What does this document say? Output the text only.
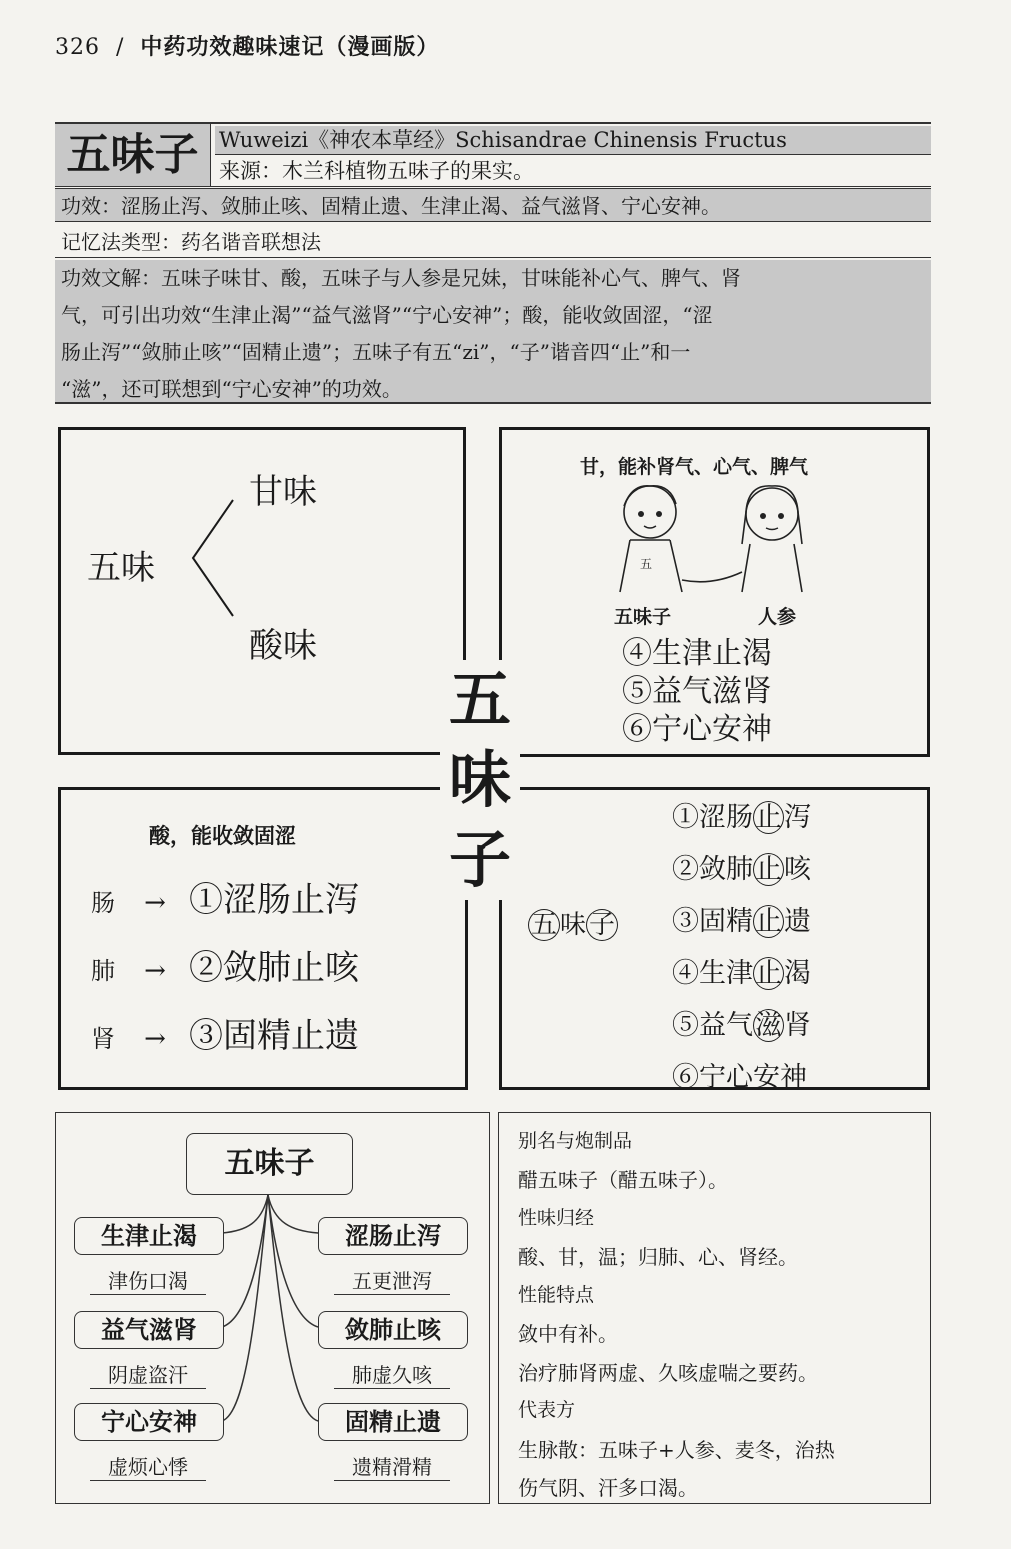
326 / 中药功效趣味速记（漫画版）
五味子 Wuweizi《神农本草经》Schisandrae Chinensis Fructus
来源：木兰科植物五味子的果实。
功效：涩肠止泻、敛肺止咳、固精止遗、生津止渴、益气滋肾、宁心安神。
记忆法类型：药名谐音联想法
功效文解：五味子味甘、酸，五味子与人参是兄妹，甘味能补心气、脾气、肾
气，可引出功效“生津止渴”“益气滋肾”“宁心安神”；酸，能收敛固涩，“涩
肠止泻”“敛肺止咳”“固精止遗”；五味子有五“zi”，“子”谐音四“止”和一
“滋”，还可联想到“宁心安神”的功效。
五味
甘味
酸味
甘，能补肾气、心气、脾气
五
五味子	人参
④生津止渴
⑤益气滋肾
⑥宁心安神
酸，能收敛固涩
肠 → ①涩肠止泻
肺 → ②敛肺止咳
肾 → ③固精止遗
五 味 子
①涩肠止泻
②敛肺止咳
③固精止遗
④生津止渴
⑤益气滋肾
⑥宁心安神
五
味
子
五味子
生津止渴
津伤口渴
益气滋肾
阴虚盗汗
宁心安神
虚烦心悸
涩肠止泻
五更泄泻
敛肺止咳
肺虚久咳
固精止遗
遗精滑精
别名与炮制品
醋五味子（醋五味子）。
性味归经
酸、甘，温；归肺、心、肾经。
性能特点
敛中有补。
治疗肺肾两虚、久咳虚喘之要药。
代表方
生脉散：五味子+人参、麦冬，治热
伤气阴、汗多口渴。
